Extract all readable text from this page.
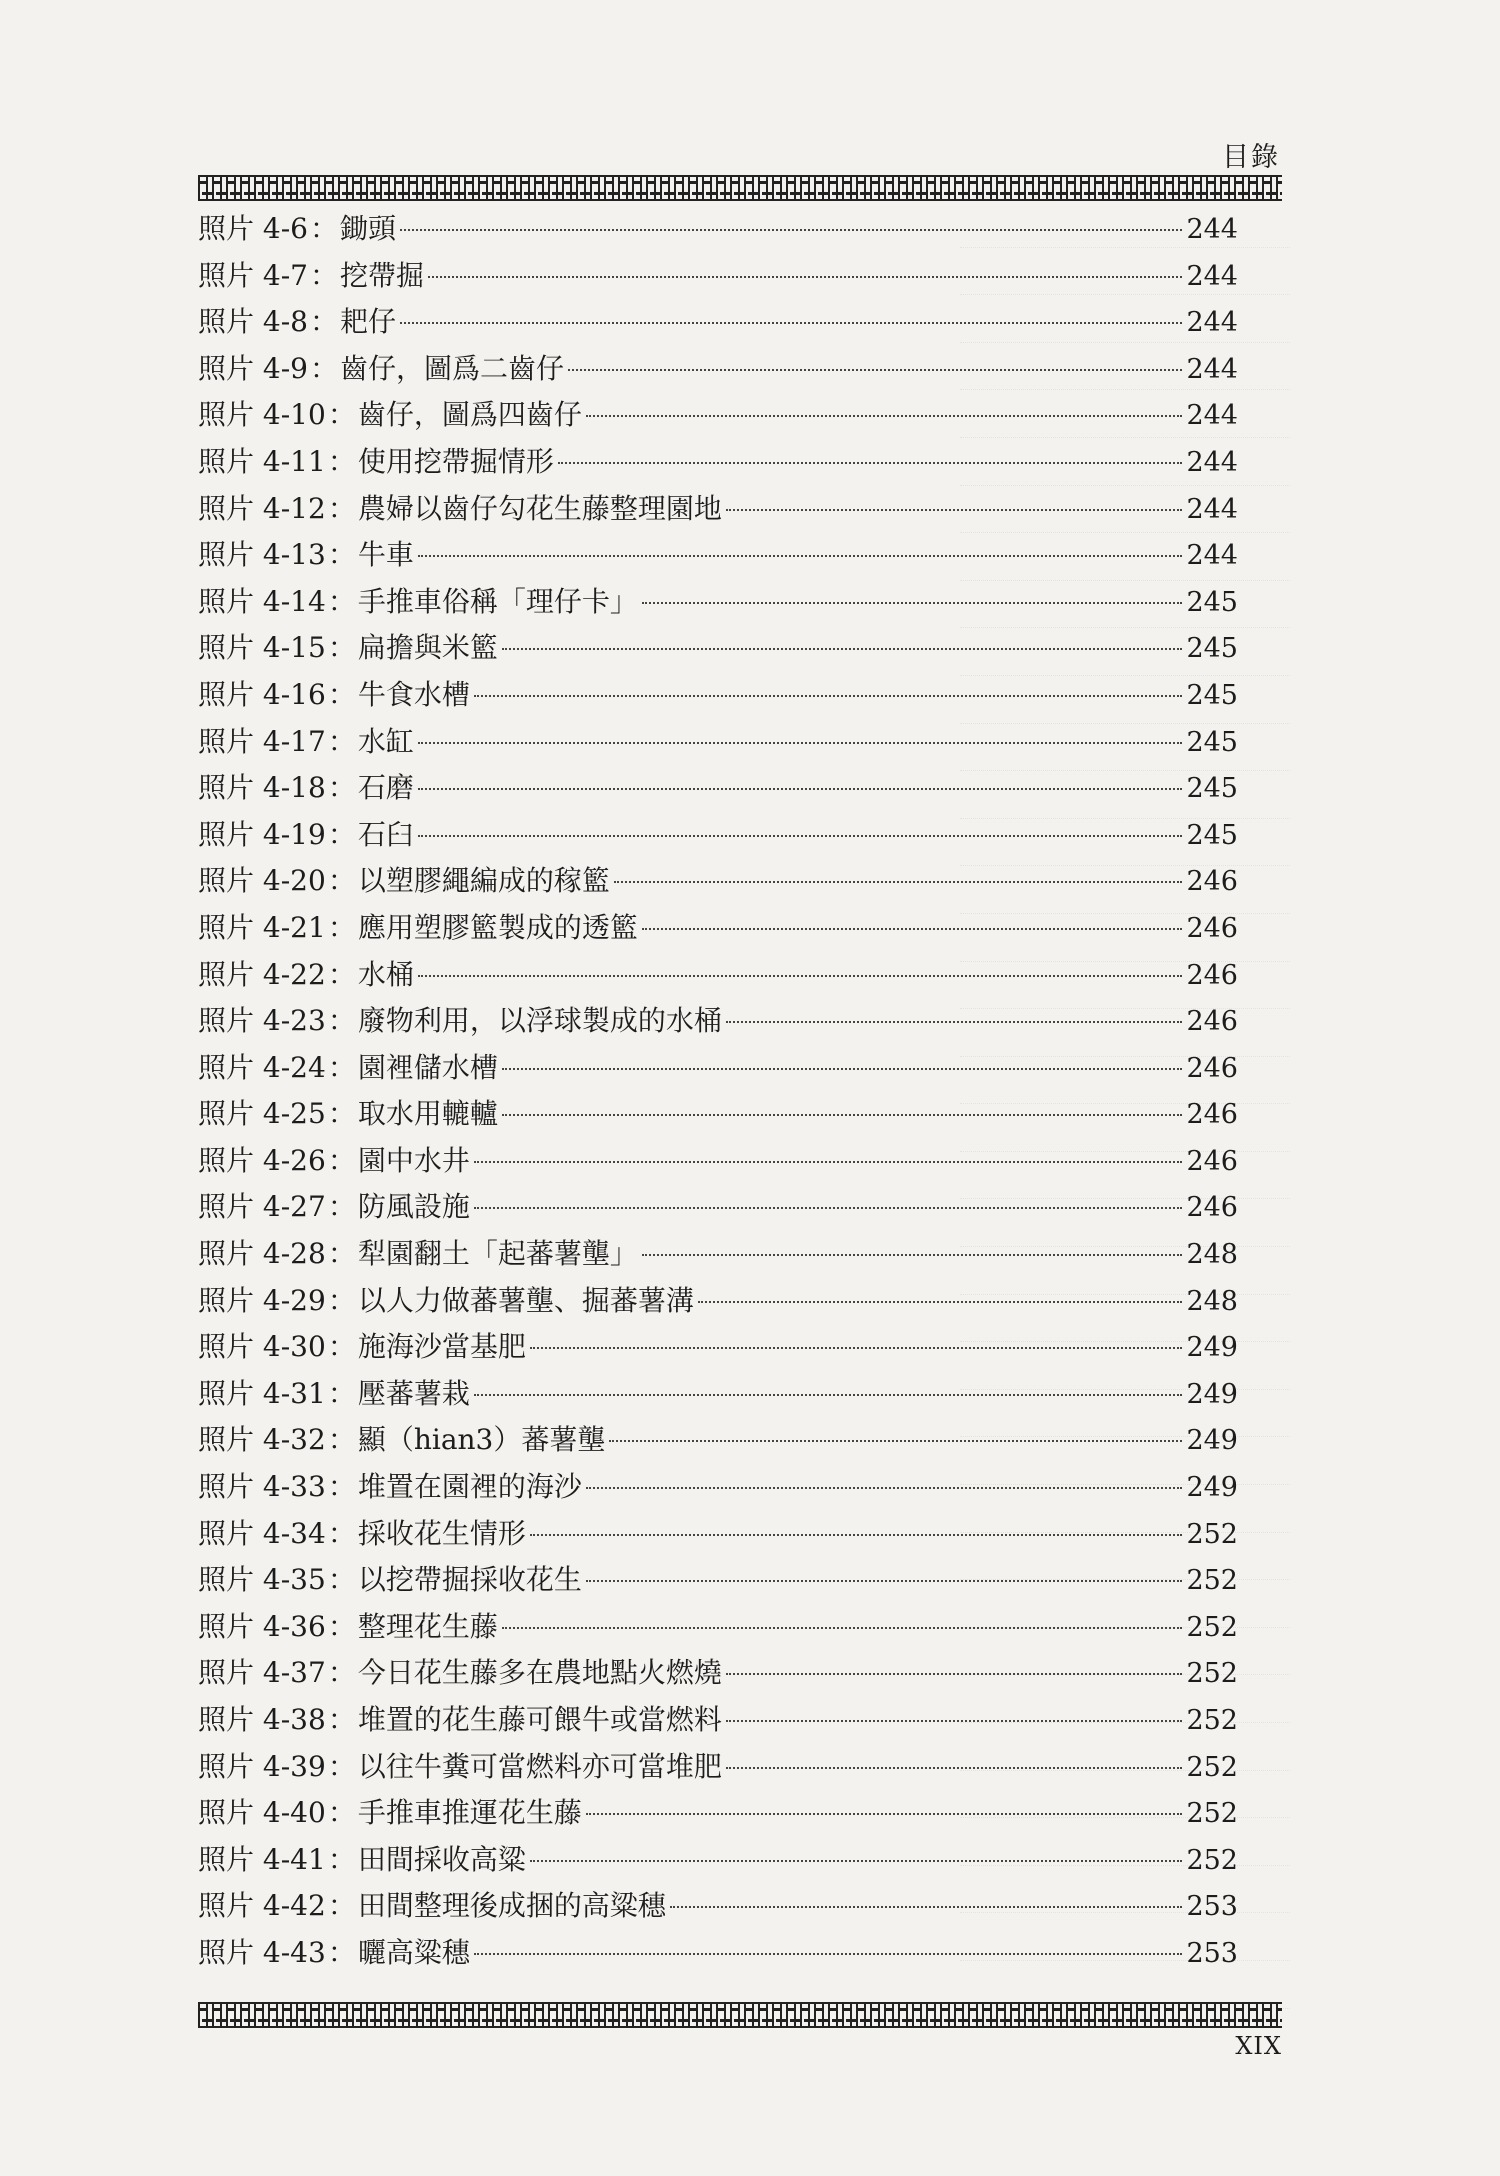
目錄
照片 4-6：鋤頭	244
照片 4-7：挖帶掘	244
照片 4-8：耙仔	244
照片 4-9：齒仔，圖爲二齒仔	244
照片 4-10：齒仔，圖爲四齒仔	244
照片 4-11：使用挖帶掘情形	244
照片 4-12：農婦以齒仔勾花生藤整理園地	244
照片 4-13：牛車	244
照片 4-14：手推車俗稱「理仔卡」	245
照片 4-15：扁擔與米籃	245
照片 4-16：牛食水槽	245
照片 4-17：水缸	245
照片 4-18：石磨	245
照片 4-19：石臼	245
照片 4-20：以塑膠繩編成的稼籃	246
照片 4-21：應用塑膠籃製成的透籃	246
照片 4-22：水桶	246
照片 4-23：廢物利用，以浮球製成的水桶	246
照片 4-24：園裡儲水槽	246
照片 4-25：取水用轆轤	246
照片 4-26：園中水井	246
照片 4-27：防風設施	246
照片 4-28：犁園翻土「起蕃薯壟」	248
照片 4-29：以人力做蕃薯壟、掘蕃薯溝	248
照片 4-30：施海沙當基肥	249
照片 4-31：壓蕃薯栽	249
照片 4-32：顯（hian3）蕃薯壟	249
照片 4-33：堆置在園裡的海沙	249
照片 4-34：採收花生情形	252
照片 4-35：以挖帶掘採收花生	252
照片 4-36：整理花生藤	252
照片 4-37：今日花生藤多在農地點火燃燒	252
照片 4-38：堆置的花生藤可餵牛或當燃料	252
照片 4-39：以往牛糞可當燃料亦可當堆肥	252
照片 4-40：手推車推運花生藤	252
照片 4-41：田間採收高粱	252
照片 4-42：田間整理後成捆的高粱穗	253
照片 4-43：曬高粱穗	253
XIX
